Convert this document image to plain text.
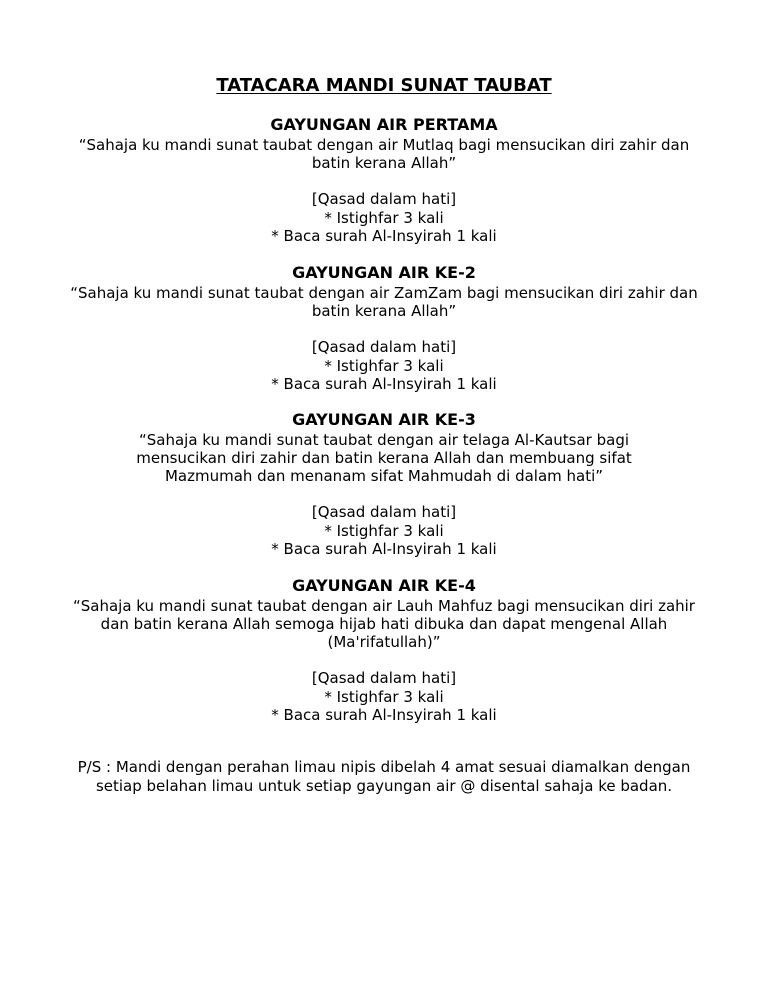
TATACARA MANDI SUNAT TAUBAT
GAYUNGAN AIR PERTAMA
“Sahaja ku mandi sunat taubat dengan air Mutlaq bagi mensucikan diri zahir dan batin kerana Allah”
[Qasad dalam hati]
* Istighfar 3 kali
* Baca surah Al-Insyirah 1 kali
GAYUNGAN AIR KE-2
“Sahaja ku mandi sunat taubat dengan air ZamZam bagi mensucikan diri zahir dan batin kerana Allah”
[Qasad dalam hati]
* Istighfar 3 kali
* Baca surah Al-Insyirah 1 kali
GAYUNGAN AIR KE-3
“Sahaja ku mandi sunat taubat dengan air telaga Al-Kautsar bagi mensucikan diri zahir dan batin kerana Allah dan membuang sifat Mazmumah dan menanam sifat Mahmudah di dalam hati”
[Qasad dalam hati]
* Istighfar 3 kali
* Baca surah Al-Insyirah 1 kali
GAYUNGAN AIR KE-4
“Sahaja ku mandi sunat taubat dengan air Lauh Mahfuz bagi mensucikan diri zahir dan batin kerana Allah semoga hijab hati dibuka dan dapat mengenal Allah (Ma'rifatullah)”
[Qasad dalam hati]
* Istighfar 3 kali
* Baca surah Al-Insyirah 1 kali
P/S : Mandi dengan perahan limau nipis dibelah 4 amat sesuai diamalkan dengan setiap belahan limau untuk setiap gayungan air @ disental sahaja ke badan.
